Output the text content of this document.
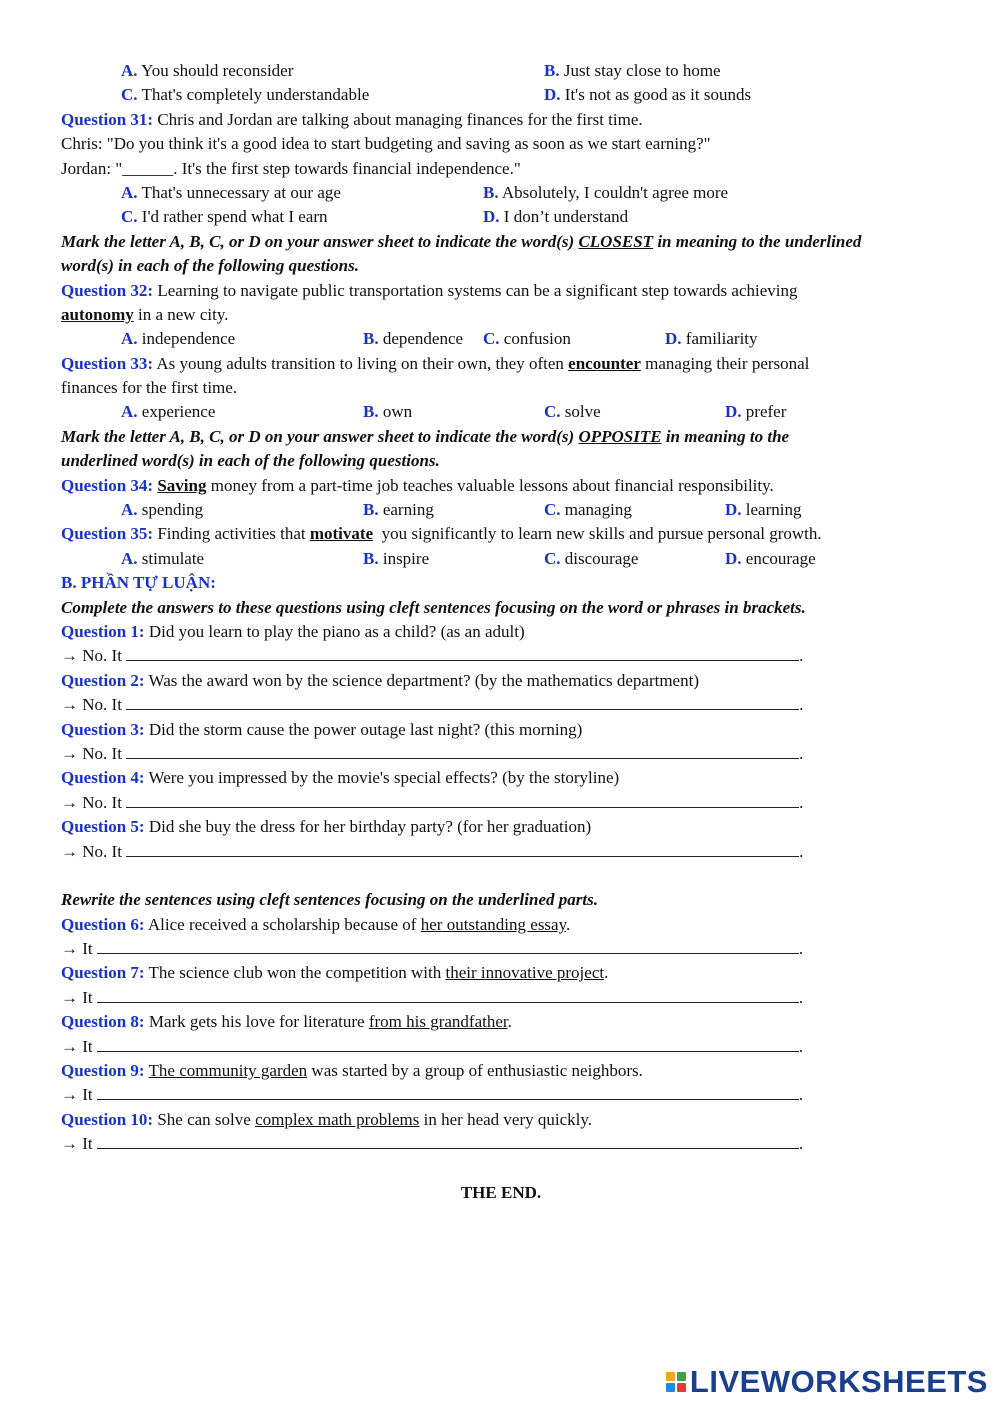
A. You should reconsider	B. Just stay close to home
C. That's completely understandable	D. It's not as good as it sounds
Question 31: Chris and Jordan are talking about managing finances for the first time.
Chris: "Do you think it's a good idea to start budgeting and saving as soon as we start earning?"
Jordan: "______. It's the first step towards financial independence."
A. That's unnecessary at our age	B. Absolutely, I couldn't agree more
C. I'd rather spend what I earn	D. I don’t understand
Mark the letter A, B, C, or D on your answer sheet to indicate the word(s) CLOSEST in meaning to the underlined
word(s) in each of the following questions.
Question 32: Learning to navigate public transportation systems can be a significant step towards achieving
autonomy in a new city.
A. independence	B. dependence C. confusion	D. familiarity
Question 33: As young adults transition to living on their own, they often encounter managing their personal
finances for the first time.
A. experience	B. own	C. solve	D. prefer
Mark the letter A, B, C, or D on your answer sheet to indicate the word(s) OPPOSITE in meaning to the
underlined word(s) in each of the following questions.
Question 34: Saving money from a part-time job teaches valuable lessons about financial responsibility.
A. spending	B. earning	C. managing	D. learning
Question 35: Finding activities that motivate  you significantly to learn new skills and pursue personal growth.
A. stimulate	B. inspire	C. discourage	D. encourage
B. PHẦN TỰ LUẬN:
Complete the answers to these questions using cleft sentences focusing on the word or phrases in brackets.
Question 1: Did you learn to play the piano as a child? (as an adult)
→ No. It	.
Question 2: Was the award won by the science department? (by the mathematics department)
→ No. It	.
Question 3: Did the storm cause the power outage last night? (this morning)
→ No. It	.
Question 4: Were you impressed by the movie's special effects? (by the storyline)
→ No. It	.
Question 5: Did she buy the dress for her birthday party? (for her graduation)
→ No. It	.
Rewrite the sentences using cleft sentences focusing on the underlined parts.
Question 6: Alice received a scholarship because of her outstanding essay.
→ It	.
Question 7: The science club won the competition with their innovative project.
→ It	.
Question 8: Mark gets his love for literature from his grandfather.
→ It	.
Question 9: The community garden was started by a group of enthusiastic neighbors.
→ It	.
Question 10: She can solve complex math problems in her head very quickly.
→ It	.
THE END.
LIVEWORKSHEETS
